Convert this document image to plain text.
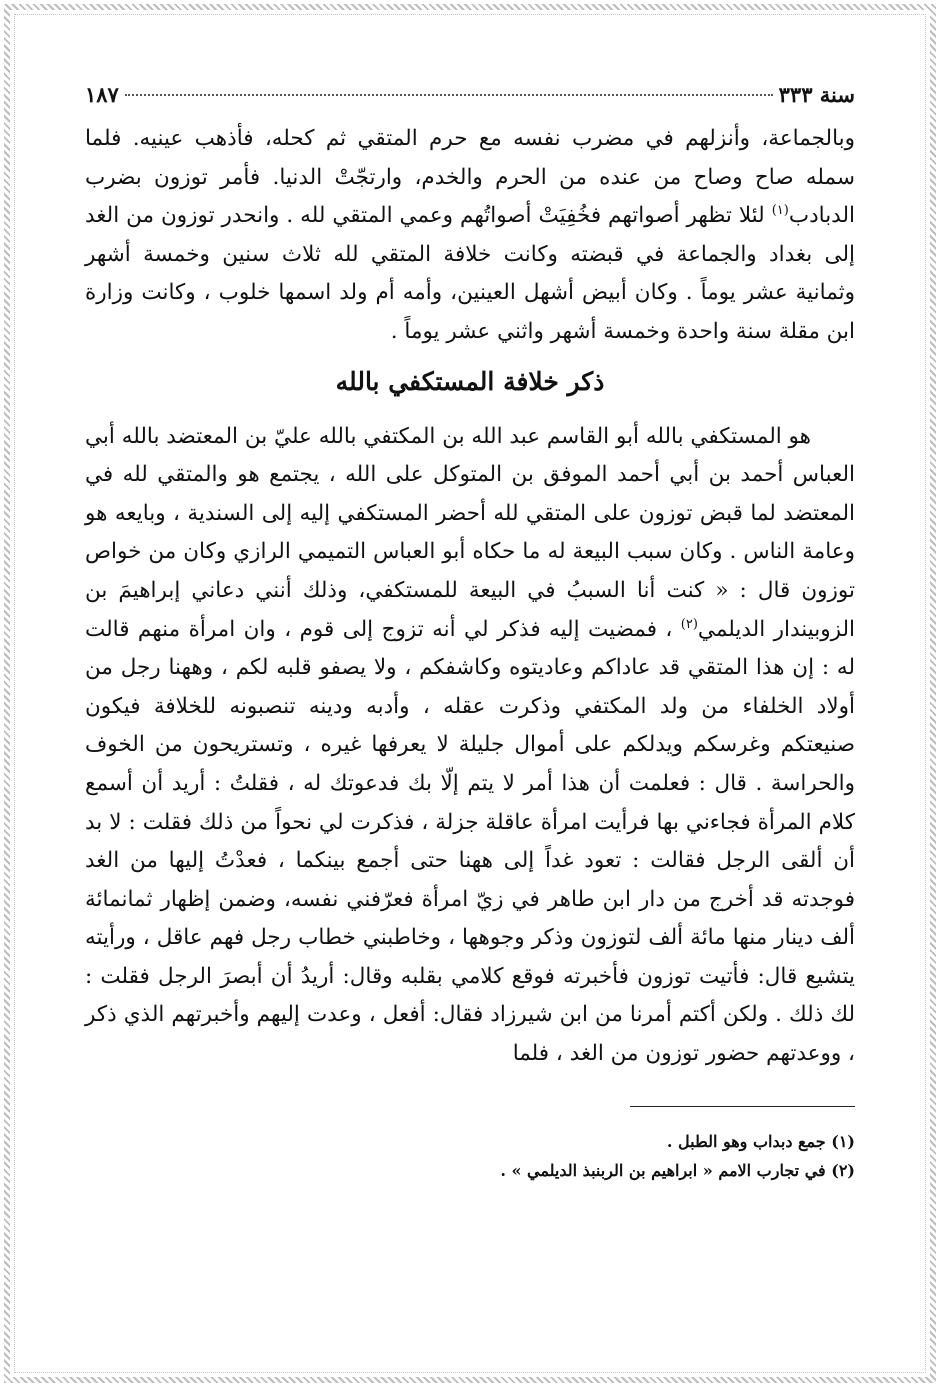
سنة ٣٣٣
١٨٧

وبالجماعة، وأنزلهم في مضرب نفسه مع حرم المتقي ثم كحله، فأذهب عينيه. فلما سمله صاح وصاح من عنده من الحرم والخدم، وارتجّتْ الدنيا. فأمر توزون بضرب الدبادب$^{(١)}$ لئلا تظهر أصواتهم فخُفِيَتْ أصواتُهم وعمي المتقي لله . وانحدر توزون من الغد إلى بغداد والجماعة في قبضته وكانت خلافة المتقي لله ثلاث سنين وخمسة أشهر وثمانية عشر يوماً . وكان أبيض أشهل العينين، وأمه أم ولد اسمها خلوب ، وكانت وزارة ابن مقلة سنة واحدة وخمسة أشهر واثني عشر يوماً .

ذكر خلافة المستكفي بالله

هو المستكفي بالله أبو القاسم عبد الله بن المكتفي بالله عليّ بن المعتضد بالله أبي العباس أحمد بن أبي أحمد الموفق بن المتوكل على الله ، يجتمع هو والمتقي لله في المعتضد لما قبض توزون على المتقي لله أحضر المستكفي إليه إلى السندية ، وبايعه هو وعامة الناس . وكان سبب البيعة له ما حكاه أبو العباس التميمي الرازي وكان من خواص توزون قال : « كنت أنا السببُ في البيعة للمستكفي، وذلك أنني دعاني إبراهيمَ بن الزوبيندار الديلمي$^{(٢)}$ ، فمضيت إليه فذكر لي أنه تزوج إلى قوم ، وان امرأة منهم قالت له : إن هذا المتقي قد عاداكم وعاديتوه وكاشفكم ، ولا يصفو قلبه لكم ، وههنا رجل من أولاد الخلفاء من ولد المكتفي وذكرت عقله ، وأدبه ودينه تنصبونه للخلافة فيكون صنيعتكم وغرسكم ويدلكم على أموال جليلة لا يعرفها غيره ، وتستريحون من الخوف والحراسة . قال : فعلمت أن هذا أمر لا يتم إلّا بك فدعوتك له ، فقلتُ : أريد أن أسمع كلام المرأة فجاءني بها فرأيت امرأة عاقلة جزلة ، فذكرت لي نحواً من ذلك فقلت : لا بد أن ألقى الرجل فقالت : تعود غداً إلى ههنا حتى أجمع بينكما ، فعدْتُ إليها من الغد فوجدته قد أخرج من دار ابن طاهر في زيّ امرأة فعرّفني نفسه، وضمن إظهار ثمانمائة ألف دينار منها مائة ألف لتوزون وذكر وجوهها ، وخاطبني خطاب رجل فهم عاقل ، ورأيته يتشيع قال: فأتيت توزون فأخبرته فوقع كلامي بقلبه وقال: أريدُ أن أبصرَ الرجل فقلت : لك ذلك . ولكن أكتم أمرنا من ابن شيرزاد فقال: أفعل ، وعدت إليهم وأخبرتهم الذي ذكر ، ووعدتهم حضور توزون من الغد ، فلما

(١) جمع دبداب وهو الطبل .

(٢) في تجارب الامم « ابراهيم بن الربنبذ الديلمي » .
